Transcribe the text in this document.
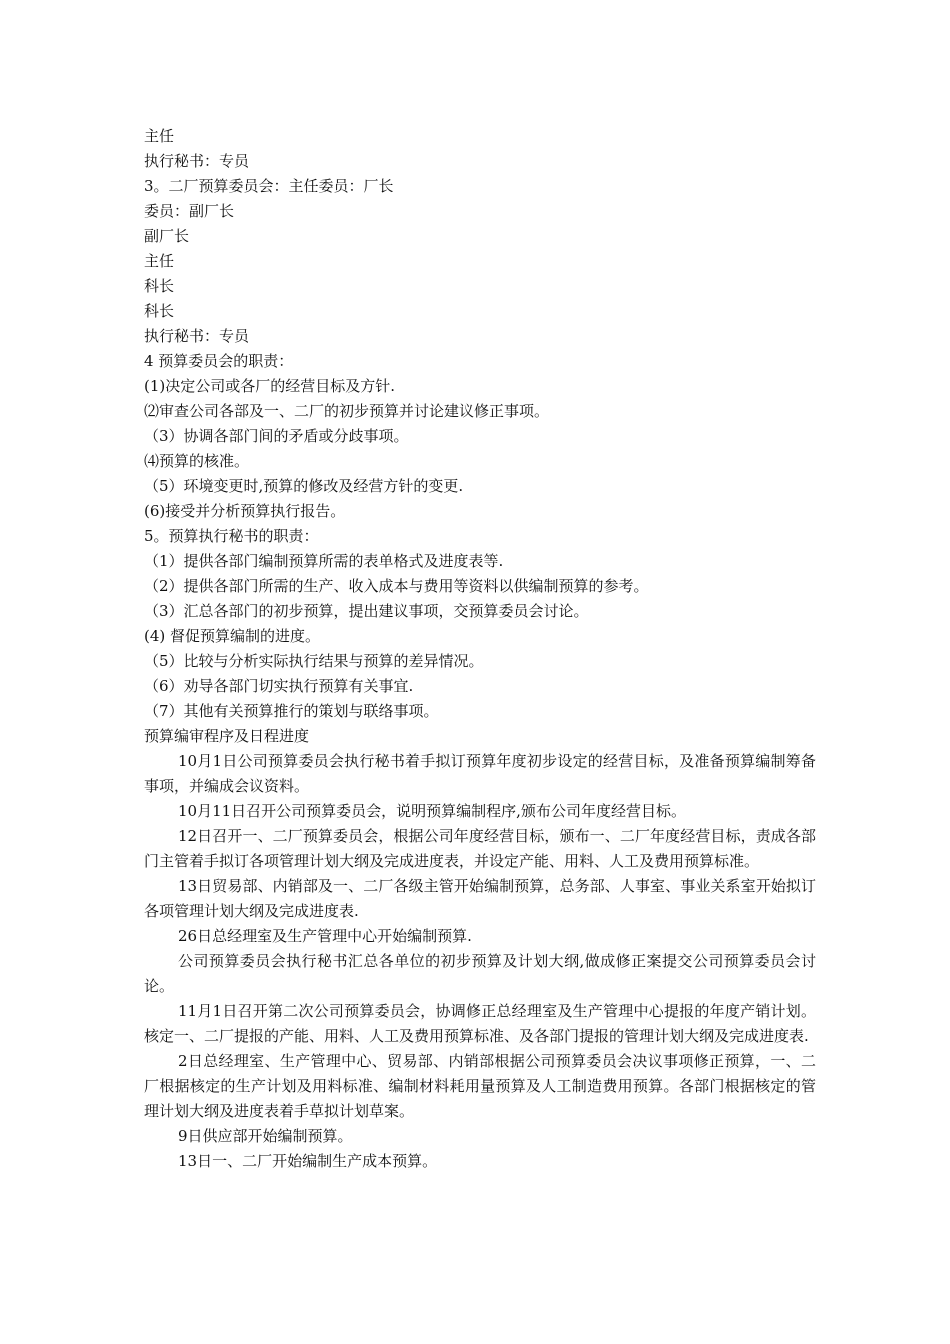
主任

执行秘书：专员

3。二厂预算委员会：主任委员：厂长

委员：副厂长

副厂长

主任

科长

科长

执行秘书：专员

4 预算委员会的职责：

(1)决定公司或各厂的经营目标及方针.

⑵审查公司各部及一、二厂的初步预算并讨论建议修正事项。

（3）协调各部门间的矛盾或分歧事项。

⑷预算的核准。

（5）环境变更时,预算的修改及经营方针的变更.

(6)接受并分析预算执行报告。

5。预算执行秘书的职责：

（1）提供各部门编制预算所需的表单格式及进度表等.

（2）提供各部门所需的生产、收入成本与费用等资料以供编制预算的参考。

（3）汇总各部门的初步预算，提出建议事项，交预算委员会讨论。

(4) 督促预算编制的进度。

（5）比较与分析实际执行结果与预算的差异情况。

（6）劝导各部门切实执行预算有关事宜.

（7）其他有关预算推行的策划与联络事项。

预算编审程序及日程进度

10月1日公司预算委员会执行秘书着手拟订预算年度初步设定的经营目标，及准备预算编制筹备事项，并编成会议资料。

10月11日召开公司预算委员会，说明预算编制程序,颁布公司年度经营目标。

12日召开一、二厂预算委员会，根据公司年度经营目标，颁布一、二厂年度经营目标，责成各部门主管着手拟订各项管理计划大纲及完成进度表，并设定产能、用料、人工及费用预算标准。

13日贸易部、内销部及一、二厂各级主管开始编制预算，总务部、人事室、事业关系室开始拟订各项管理计划大纲及完成进度表.

26日总经理室及生产管理中心开始编制预算.

公司预算委员会执行秘书汇总各单位的初步预算及计划大纲,做成修正案提交公司预算委员会讨论。

11月1日召开第二次公司预算委员会，协调修正总经理室及生产管理中心提报的年度产销计划。核定一、二厂提报的产能、用料、人工及费用预算标准、及各部门提报的管理计划大纲及完成进度表.

2日总经理室、生产管理中心、贸易部、内销部根据公司预算委员会决议事项修正预算，一、二厂根据核定的生产计划及用料标准、编制材料耗用量预算及人工制造费用预算。各部门根据核定的管理计划大纲及进度表着手草拟计划草案。

9日供应部开始编制预算。

13日一、二厂开始编制生产成本预算。
